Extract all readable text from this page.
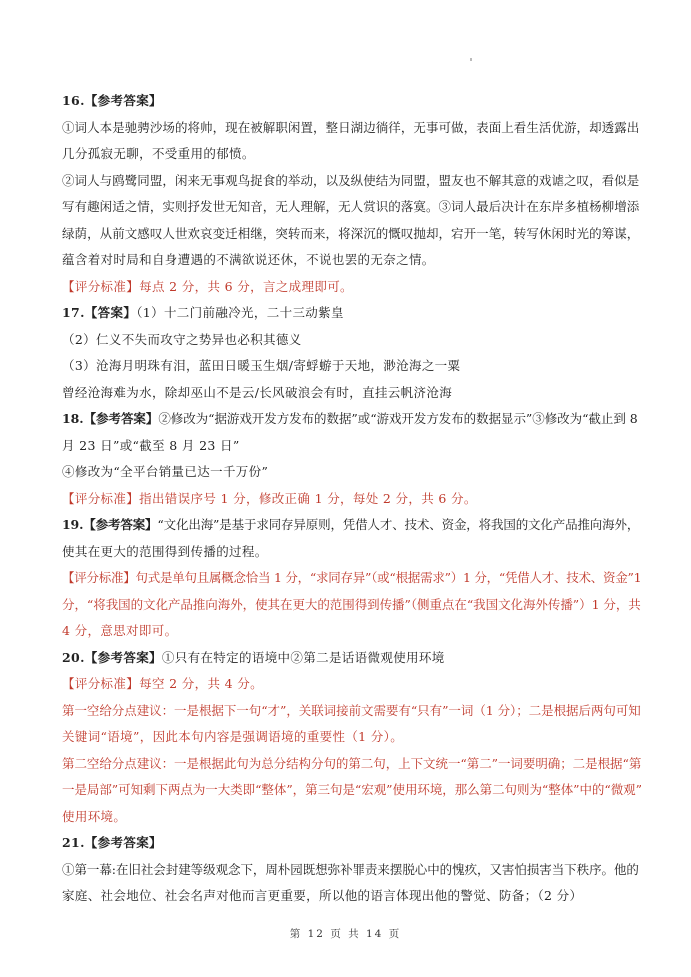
16.【参考答案】
①词人本是驰骋沙场的将帅，现在被解职闲置，整日湖边徜徉，无事可做，表面上看生活优游，却透露出
几分孤寂无聊，不受重用的郁愤。
②词人与鸥鹭同盟，闲来无事观鸟捉食的举动，以及纵使结为同盟，盟友也不解其意的戏谑之叹，看似是
写有趣闲适之情，实则抒发世无知音，无人理解，无人赏识的落寞。③词人最后决计在东岸多植杨柳增添
绿荫，从前文感叹人世欢哀变迁相继，突转而来，将深沉的慨叹抛却，宕开一笔，转写休闲时光的筹谋，
蕴含着对时局和自身遭遇的不满欲说还休，不说也罢的无奈之情。
【评分标准】每点 2 分，共 6 分，言之成理即可。
17.【答案】（1）十二门前融冷光，二十三动紫皇
（2）仁义不失而攻守之势异也必积其德义
（3）沧海月明珠有泪，蓝田日暖玉生烟/寄蜉蝣于天地，渺沧海之一粟
曾经沧海难为水，除却巫山不是云/长风破浪会有时，直挂云帆济沧海
18.【参考答案】②修改为“据游戏开发方发布的数据”或“游戏开发方发布的数据显示”③修改为“截止到 8
月 23 日”或“截至 8 月 23 日”
④修改为“全平台销量已达一千万份”
【评分标准】指出错误序号 1 分，修改正确 1 分，每处 2 分，共 6 分。
19.【参考答案】“文化出海”是基于求同存异原则，凭借人才、技术、资金，将我国的文化产品推向海外，
使其在更大的范围得到传播的过程。
【评分标准】句式是单句且属概念恰当 1 分，“求同存异”（或“根据需求”）1 分，“凭借人才、技术、资金”1
分，“将我国的文化产品推向海外，使其在更大的范围得到传播”（侧重点在“我国文化海外传播”）1 分，共
4 分，意思对即可。
20.【参考答案】①只有在特定的语境中②第二是话语微观使用环境
【评分标准】每空 2 分，共 4 分。
第一空给分点建议：一是根据下一句“才”，关联词接前文需要有“只有”一词（1 分）；二是根据后两句可知
关键词“语境”，因此本句内容是强调语境的重要性（1 分）。
第二空给分点建议：一是根据此句为总分结构分句的第二句，上下文统一“第二”一词要明确；二是根据“第
一是局部”可知剩下两点为一大类即“整体”，第三句是“宏观”使用环境，那么第二句则为“整体”中的“微观”
使用环境。
21.【参考答案】
①第一幕:在旧社会封建等级观念下，周朴园既想弥补罪责来摆脱心中的愧疚，又害怕损害当下秩序。他的
家庭、社会地位、社会名声对他而言更重要，所以他的语言体现出他的警觉、防备；（2 分）
第 12 页 共 14 页
